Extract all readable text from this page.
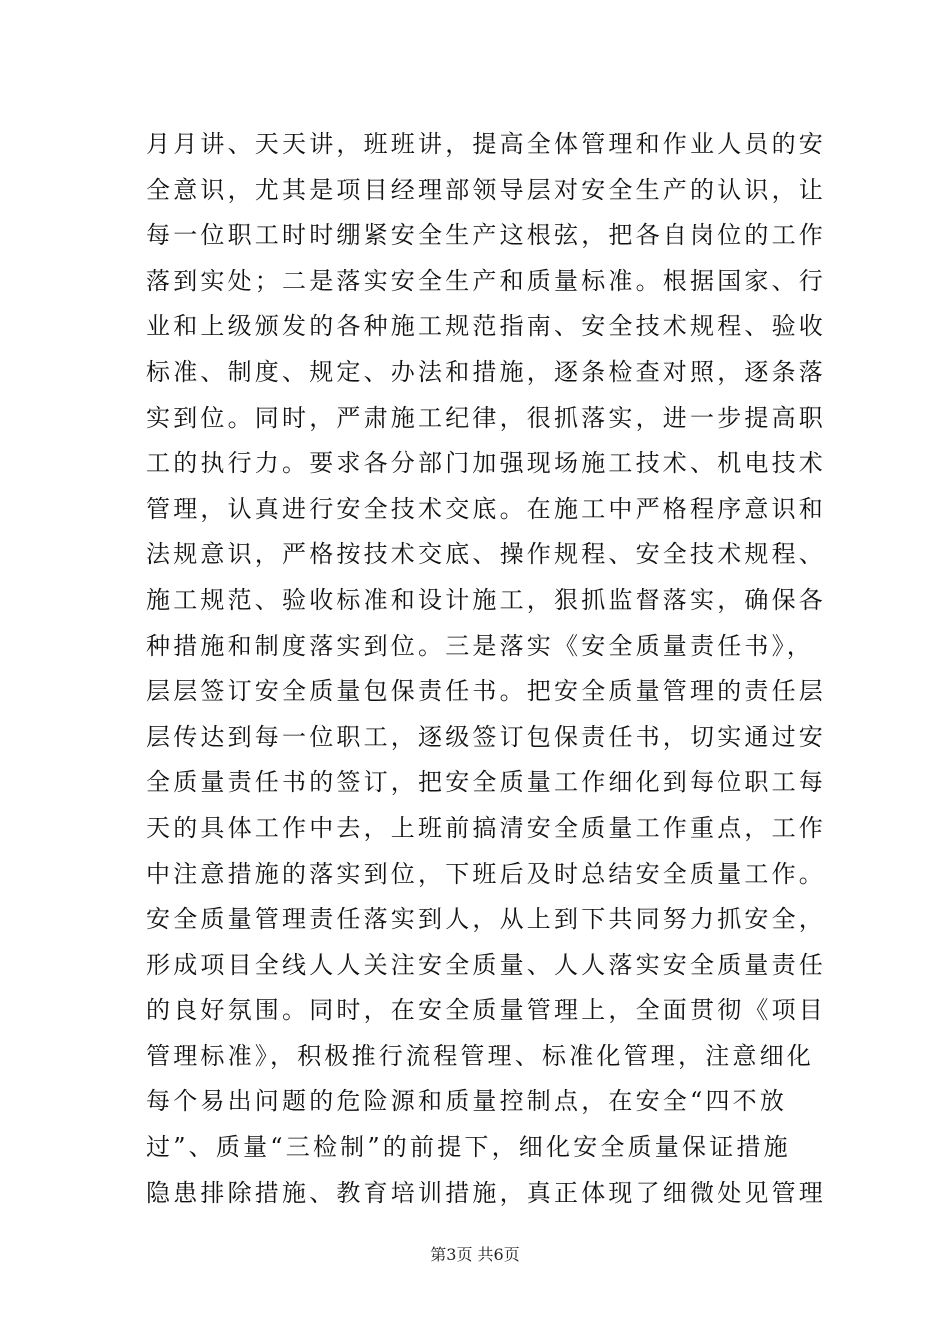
月月讲、天天讲，班班讲，提高全体管理和作业人员的安
全意识，尤其是项目经理部领导层对安全生产的认识，让
每一位职工时时绷紧安全生产这根弦，把各自岗位的工作
落到实处；二是落实安全生产和质量标准。根据国家、行
业和上级颁发的各种施工规范指南、安全技术规程、验收
标准、制度、规定、办法和措施，逐条检查对照，逐条落
实到位。同时，严肃施工纪律，很抓落实，进一步提高职
工的执行力。要求各分部门加强现场施工技术、机电技术
管理，认真进行安全技术交底。在施工中严格程序意识和
法规意识，严格按技术交底、操作规程、安全技术规程、
施工规范、验收标准和设计施工，狠抓监督落实，确保各
种措施和制度落实到位。三是落实《安全质量责任书》，
层层签订安全质量包保责任书。把安全质量管理的责任层
层传达到每一位职工，逐级签订包保责任书，切实通过安
全质量责任书的签订，把安全质量工作细化到每位职工每
天的具体工作中去，上班前搞清安全质量工作重点，工作
中注意措施的落实到位，下班后及时总结安全质量工作。
安全质量管理责任落实到人，从上到下共同努力抓安全，
形成项目全线人人关注安全质量、人人落实安全质量责任
的良好氛围。同时，在安全质量管理上，全面贯彻《项目
管理标准》，积极推行流程管理、标准化管理，注意细化
每个易出问题的危险源和质量控制点，在安全“四不放
过”、质量“三检制”的前提下，细化安全质量保证措施
隐患排除措施、教育培训措施，真正体现了细微处见管理
第3页 共6页
